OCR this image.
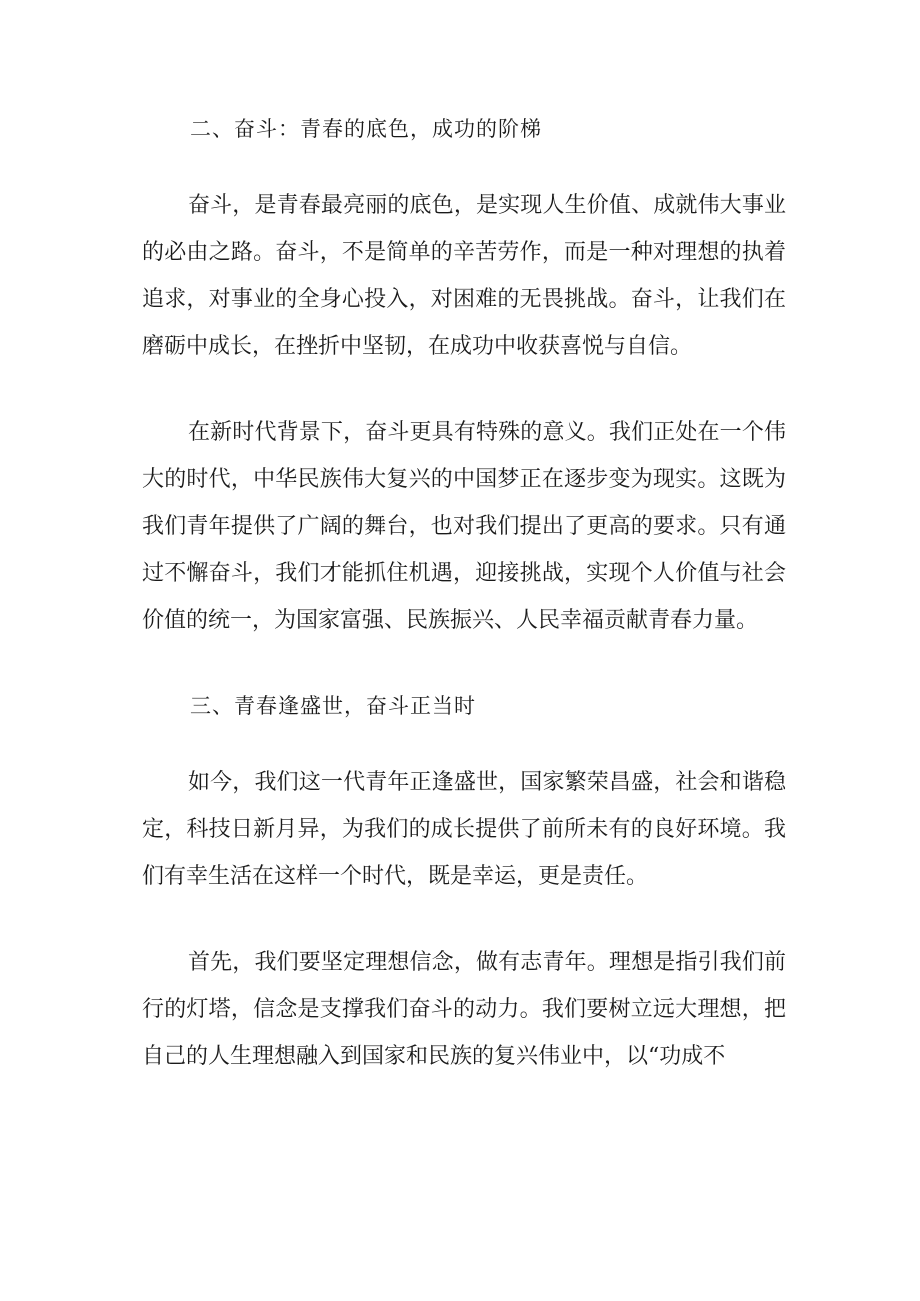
二、奋斗：青春的底色，成功的阶梯

奋斗，是青春最亮丽的底色，是实现人生价值、成就伟大事业的必由之路。奋斗，不是简单的辛苦劳作，而是一种对理想的执着追求，对事业的全身心投入，对困难的无畏挑战。奋斗，让我们在磨砺中成长，在挫折中坚韧，在成功中收获喜悦与自信。

在新时代背景下，奋斗更具有特殊的意义。我们正处在一个伟大的时代，中华民族伟大复兴的中国梦正在逐步变为现实。这既为我们青年提供了广阔的舞台，也对我们提出了更高的要求。只有通过不懈奋斗，我们才能抓住机遇，迎接挑战，实现个人价值与社会价值的统一，为国家富强、民族振兴、人民幸福贡献青春力量。

三、青春逢盛世，奋斗正当时

如今，我们这一代青年正逢盛世，国家繁荣昌盛，社会和谐稳定，科技日新月异，为我们的成长提供了前所未有的良好环境。我们有幸生活在这样一个时代，既是幸运，更是责任。

首先，我们要坚定理想信念，做有志青年。理想是指引我们前行的灯塔，信念是支撑我们奋斗的动力。我们要树立远大理想，把自己的人生理想融入到国家和民族的复兴伟业中，以“功成不
